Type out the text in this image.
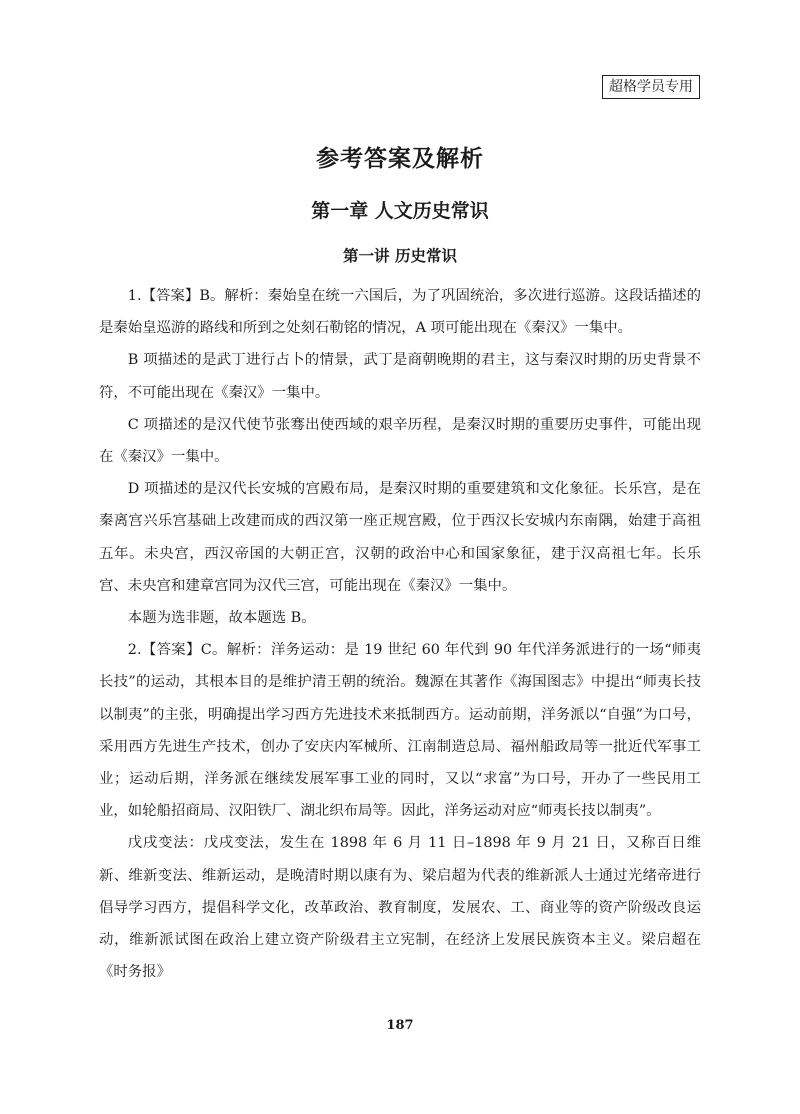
超格学员专用
参考答案及解析
第一章 人文历史常识
第一讲 历史常识

1.【答案】B。解析：秦始皇在统一六国后，为了巩固统治，多次进行巡游。这段话描述的是秦始皇巡游的路线和所到之处刻石勒铭的情况，A 项可能出现在《秦汉》一集中。

B 项描述的是武丁进行占卜的情景，武丁是商朝晚期的君主，这与秦汉时期的历史背景不符，不可能出现在《秦汉》一集中。

C 项描述的是汉代使节张骞出使西域的艰辛历程，是秦汉时期的重要历史事件，可能出现在《秦汉》一集中。

D 项描述的是汉代长安城的宫殿布局，是秦汉时期的重要建筑和文化象征。长乐宫，是在秦离宫兴乐宫基础上改建而成的西汉第一座正规宫殿，位于西汉长安城内东南隅，始建于高祖五年。未央宫，西汉帝国的大朝正宫，汉朝的政治中心和国家象征，建于汉高祖七年。长乐宫、未央宫和建章宫同为汉代三宫，可能出现在《秦汉》一集中。

本题为选非题，故本题选 B。

2.【答案】C。解析：洋务运动：是 19 世纪 60 年代到 90 年代洋务派进行的一场“师夷长技”的运动，其根本目的是维护清王朝的统治。魏源在其著作《海国图志》中提出“师夷长技以制夷”的主张，明确提出学习西方先进技术来抵制西方。运动前期，洋务派以“自强”为口号，采用西方先进生产技术，创办了安庆内军械所、江南制造总局、福州船政局等一批近代军事工业；运动后期，洋务派在继续发展军事工业的同时，又以“求富”为口号，开办了一些民用工业，如轮船招商局、汉阳铁厂、湖北织布局等。因此，洋务运动对应“师夷长技以制夷”。

戊戌变法：戊戌变法，发生在 1898 年 6 月 11 日–1898 年 9 月 21 日，又称百日维新、维新变法、维新运动，是晚清时期以康有为、梁启超为代表的维新派人士通过光绪帝进行倡导学习西方，提倡科学文化，改革政治、教育制度，发展农、工、商业等的资产阶级改良运动，维新派试图在政治上建立资产阶级君主立宪制，在经济上发展民族资本主义。梁启超在《时务报》

187
